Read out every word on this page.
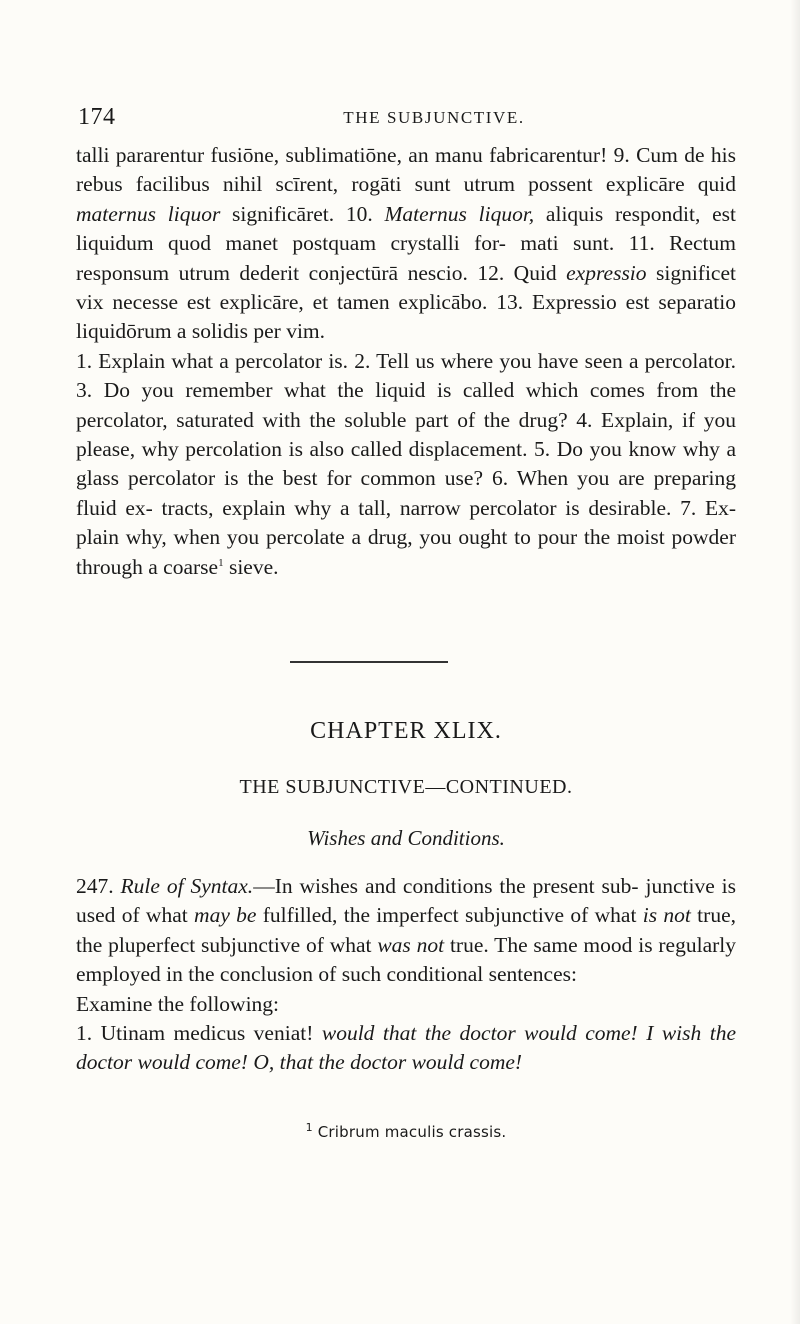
174	THE SUBJUNCTIVE.

talli pararentur fusiōne, sublimatiōne, an manu fabricarentur! 9. Cum de his rebus facilibus nihil scīrent, rogāti sunt utrum possent explicāre quid maternus liquor significāret. 10. Maternus liquor, aliquis respondit, est liquidum quod manet postquam crystalli for- mati sunt. 11. Rectum responsum utrum dederit conjectūrā nescio. 12. Quid expressio significet vix necesse est explicāre, et tamen explicābo. 13. Expressio est separatio liquidōrum a solidis per vim.

1. Explain what a percolator is. 2. Tell us where you have seen a percolator. 3. Do you remember what the liquid is called which comes from the percolator, saturated with the soluble part of the drug? 4. Explain, if you please, why percolation is also called displacement. 5. Do you know why a glass percolator is the best for common use? 6. When you are preparing fluid ex- tracts, explain why a tall, narrow percolator is desirable. 7. Ex- plain why, when you percolate a drug, you ought to pour the moist powder through a coarse$^1$ sieve.

CHAPTER XLIX.
THE SUBJUNCTIVE—CONTINUED.
Wishes and Conditions.

247. Rule of Syntax.—In wishes and conditions the present sub- junctive is used of what may be fulfilled, the imperfect subjunctive of what is not true, the pluperfect subjunctive of what was not true. The same mood is regularly employed in the conclusion of such conditional sentences:

Examine the following:

1. Utinam medicus veniat! would that the doctor would come! I wish the doctor would come! O, that the doctor would come!

$^1$ Cribrum maculis crassis.
